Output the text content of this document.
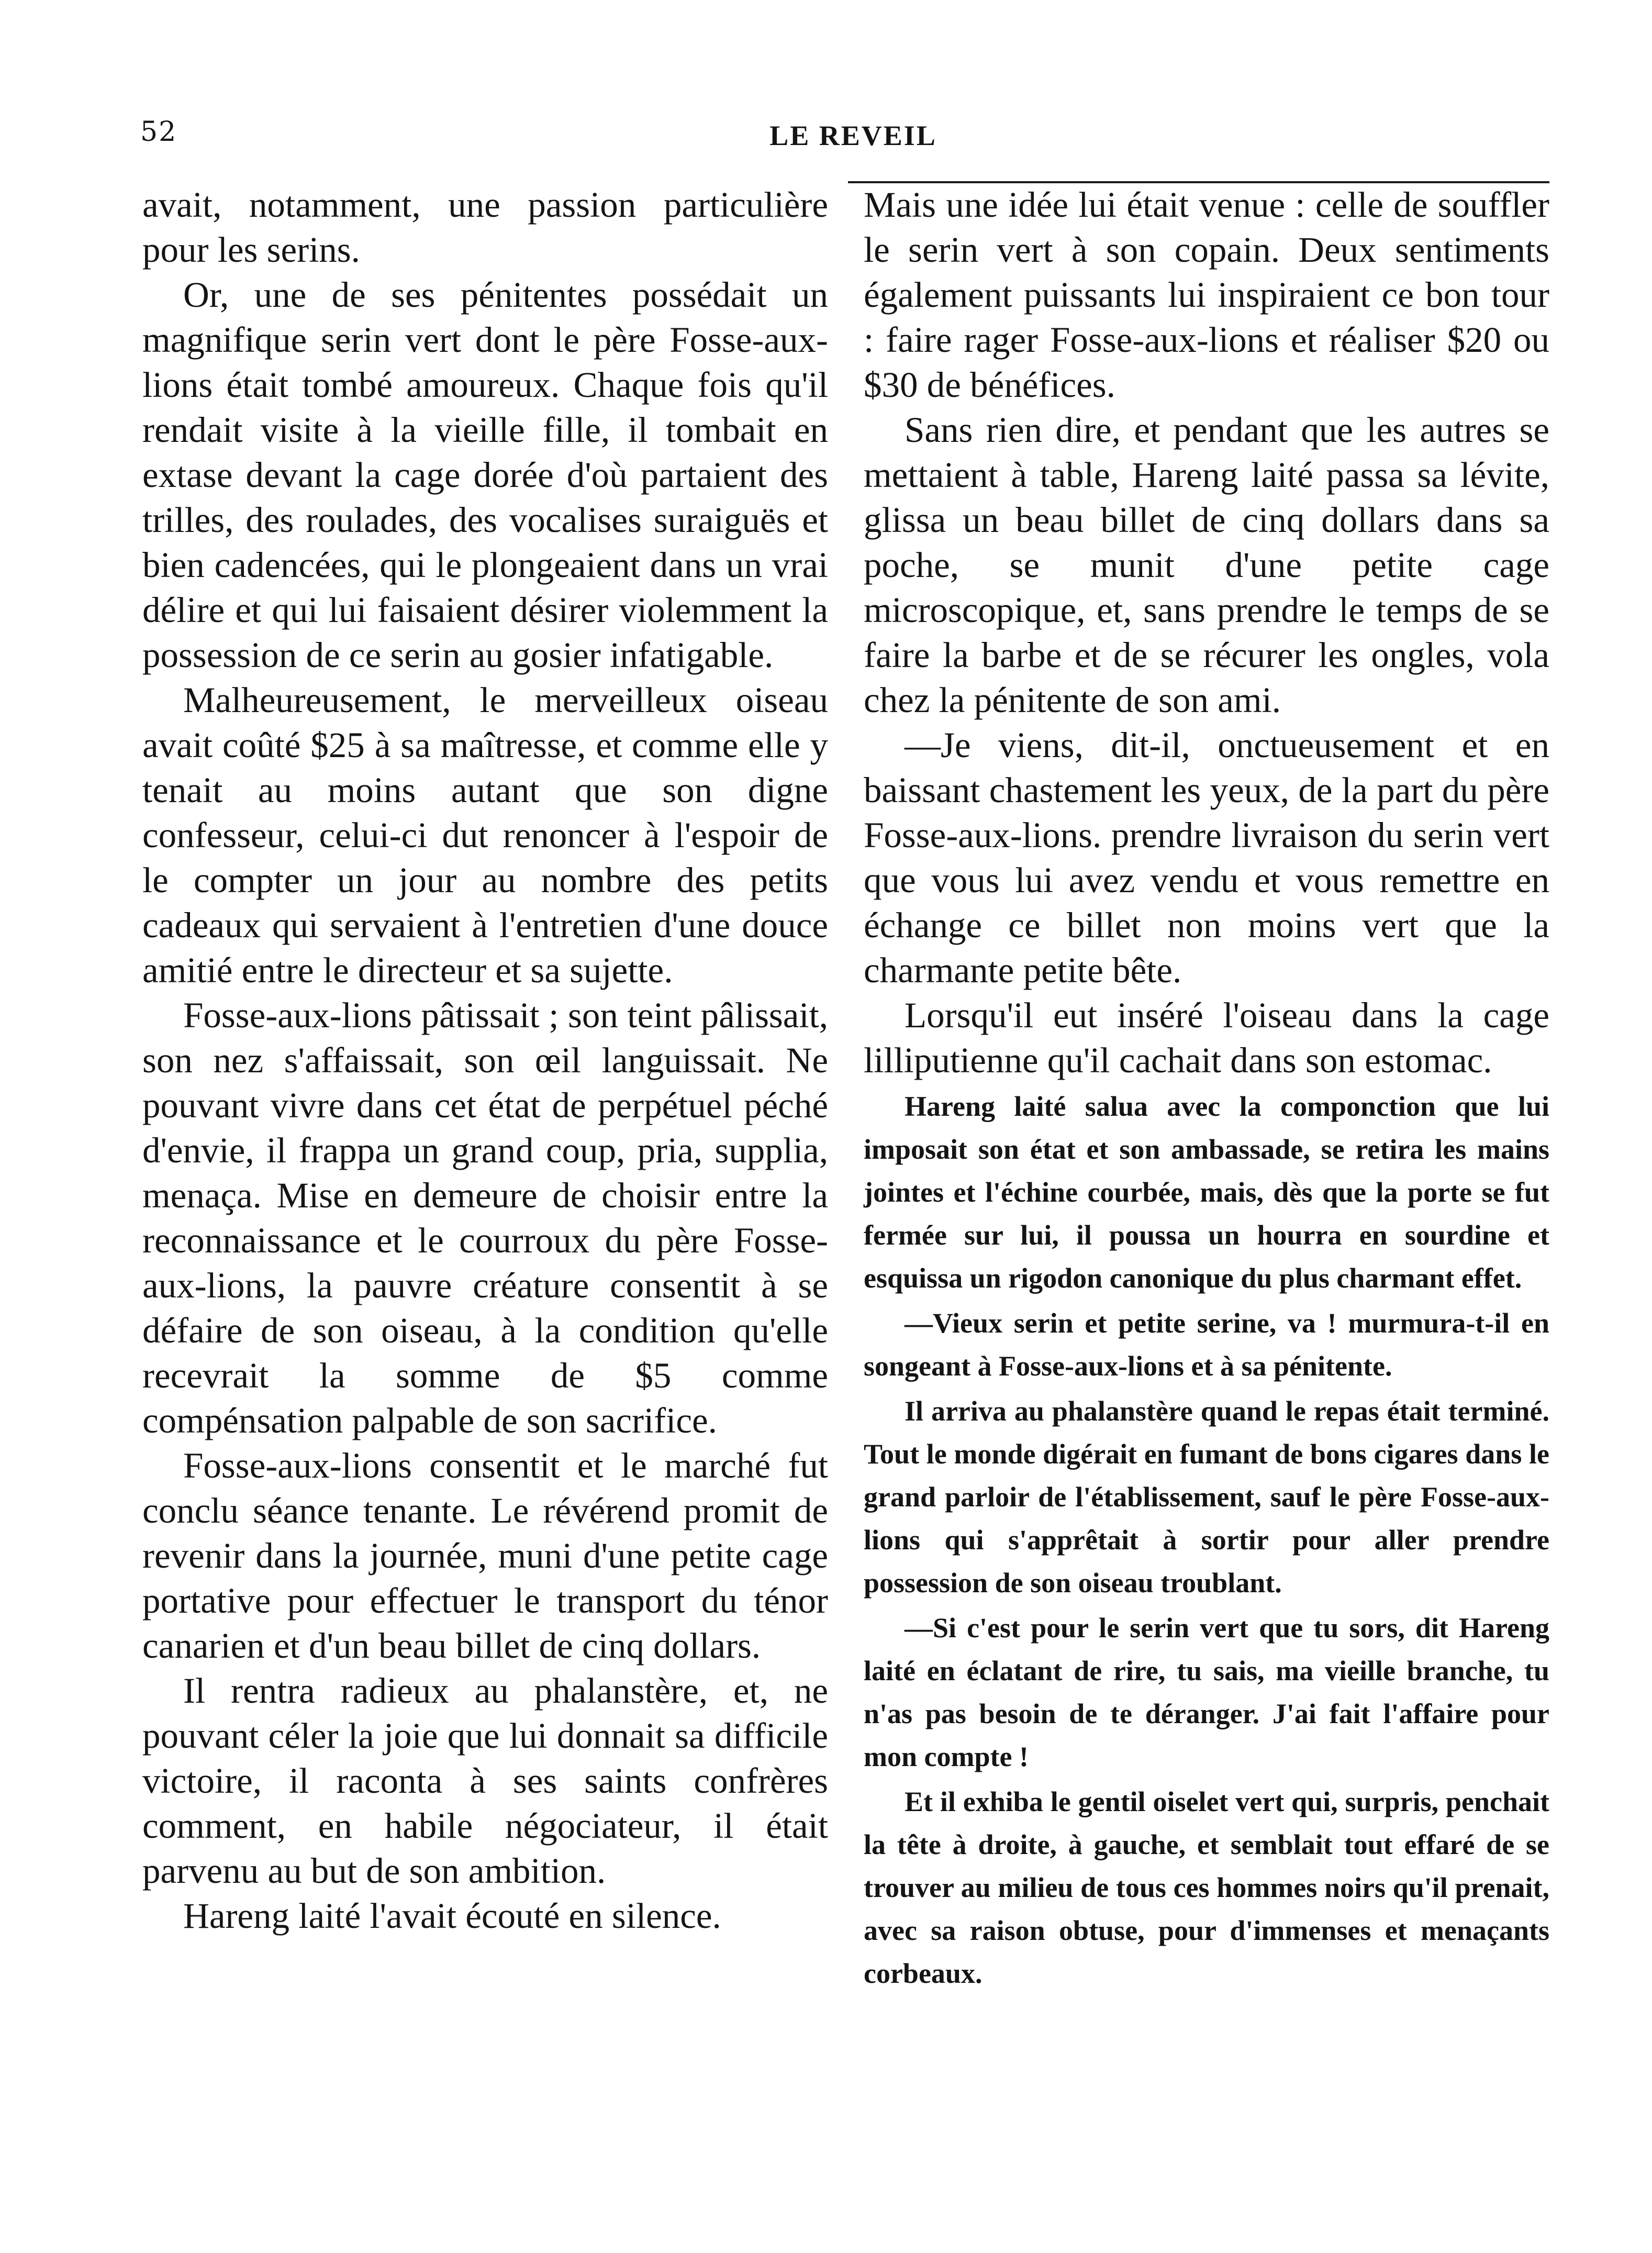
52	LE REVEIL

avait, notamment, une passion particulière pour les serins.

Or, une de ses pénitentes possédait un magnifique serin vert dont le père Fosse-aux-lions était tombé amoureux. Chaque fois qu'il rendait visite à la vieille fille, il tombait en extase devant la cage dorée d'où partaient des trilles, des roulades, des vocalises suraiguës et bien cadencées, qui le plongeaient dans un vrai délire et qui lui faisaient désirer violemment la possession de ce serin au gosier infatigable.

Malheureusement, le merveilleux oiseau avait coûté $25 à sa maîtresse, et comme elle y tenait au moins autant que son digne confesseur, celui-ci dut renoncer à l'espoir de le compter un jour au nombre des petits cadeaux qui servaient à l'entretien d'une douce amitié entre le directeur et sa sujette.

Fosse-aux-lions pâtissait ; son teint pâlissait, son nez s'affaissait, son œil languissait. Ne pouvant vivre dans cet état de perpétuel péché d'envie, il frappa un grand coup, pria, supplia, menaça. Mise en demeure de choisir entre la reconnaissance et le courroux du père Fosse-aux-lions, la pauvre créature consentit à se défaire de son oiseau, à la condition qu'elle recevrait la somme de $5 comme compénsation palpable de son sacrifice.

Fosse-aux-lions consentit et le marché fut conclu séance tenante. Le révérend promit de revenir dans la journée, muni d'une petite cage portative pour effectuer le transport du ténor canarien et d'un beau billet de cinq dollars.

Il rentra radieux au phalanstère, et, ne pouvant céler la joie que lui donnait sa difficile victoire, il raconta à ses saints confrères comment, en habile négociateur, il était parvenu au but de son ambition.

Hareng laité l'avait écouté en silence.

Mais une idée lui était venue : celle de souffler le serin vert à son copain. Deux sentiments également puissants lui inspiraient ce bon tour : faire rager Fosse-aux-lions et réaliser $20 ou $30 de bénéfices.

Sans rien dire, et pendant que les autres se mettaient à table, Hareng laité passa sa lévite, glissa un beau billet de cinq dollars dans sa poche, se munit d'une petite cage microscopique, et, sans prendre le temps de se faire la barbe et de se récurer les ongles, vola chez la pénitente de son ami.

—Je viens, dit-il, onctueusement et en baissant chastement les yeux, de la part du père Fosse-aux-lions. prendre livraison du serin vert que vous lui avez vendu et vous remettre en échange ce billet non moins vert que la charmante petite bête.

Lorsqu'il eut inséré l'oiseau dans la cage lilliputienne qu'il cachait dans son estomac.

Hareng laité salua avec la componction que lui imposait son état et son ambassade, se retira les mains jointes et l'échine courbée, mais, dès que la porte se fut fermée sur lui, il poussa un hourra en sourdine et esquissa un rigodon canonique du plus charmant effet.

—Vieux serin et petite serine, va ! murmura-t-il en songeant à Fosse-aux-lions et à sa pénitente.

Il arriva au phalanstère quand le repas était terminé. Tout le monde digérait en fumant de bons cigares dans le grand parloir de l'établissement, sauf le père Fosse-aux-lions qui s'apprêtait à sortir pour aller prendre possession de son oiseau troublant.

—Si c'est pour le serin vert que tu sors, dit Hareng laité en éclatant de rire, tu sais, ma vieille branche, tu n'as pas besoin de te déranger. J'ai fait l'affaire pour mon compte !

Et il exhiba le gentil oiselet vert qui, surpris, penchait la tête à droite, à gauche, et semblait tout effaré de se trouver au milieu de tous ces hommes noirs qu'il prenait, avec sa raison obtuse, pour d'immenses et menaçants corbeaux.
